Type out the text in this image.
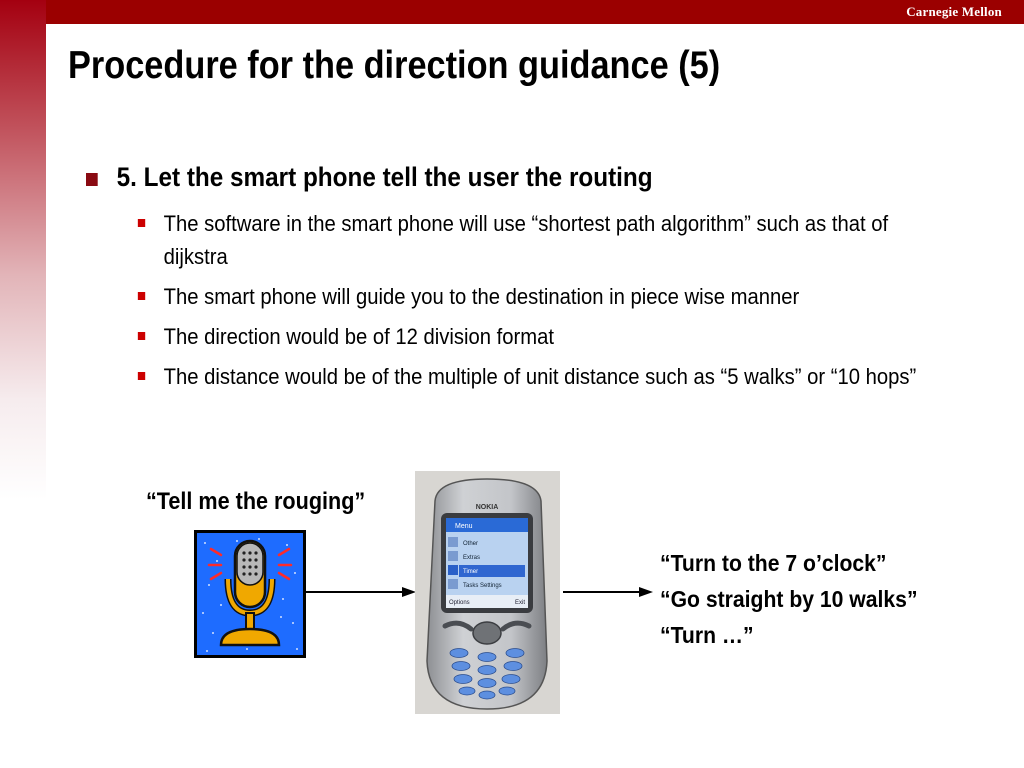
Carnegie Mellon
Procedure for the direction guidance (5)
5. Let the smart phone tell the user the routing
The software in the smart phone will use “shortest path algorithm” such as that of dijkstra
The smart phone will guide you to the destination in piece wise manner
The direction would be of 12 division format
The distance would be of the multiple of unit distance such as “5 walks” or “10 hops”
“Tell me the rouging”	NOKIA
Menu
Other
Extras
Timer
Tasks Settings
Options	Exit
“Turn to the 7 o’clock”
“Go straight by 10 walks”
“Turn …”
